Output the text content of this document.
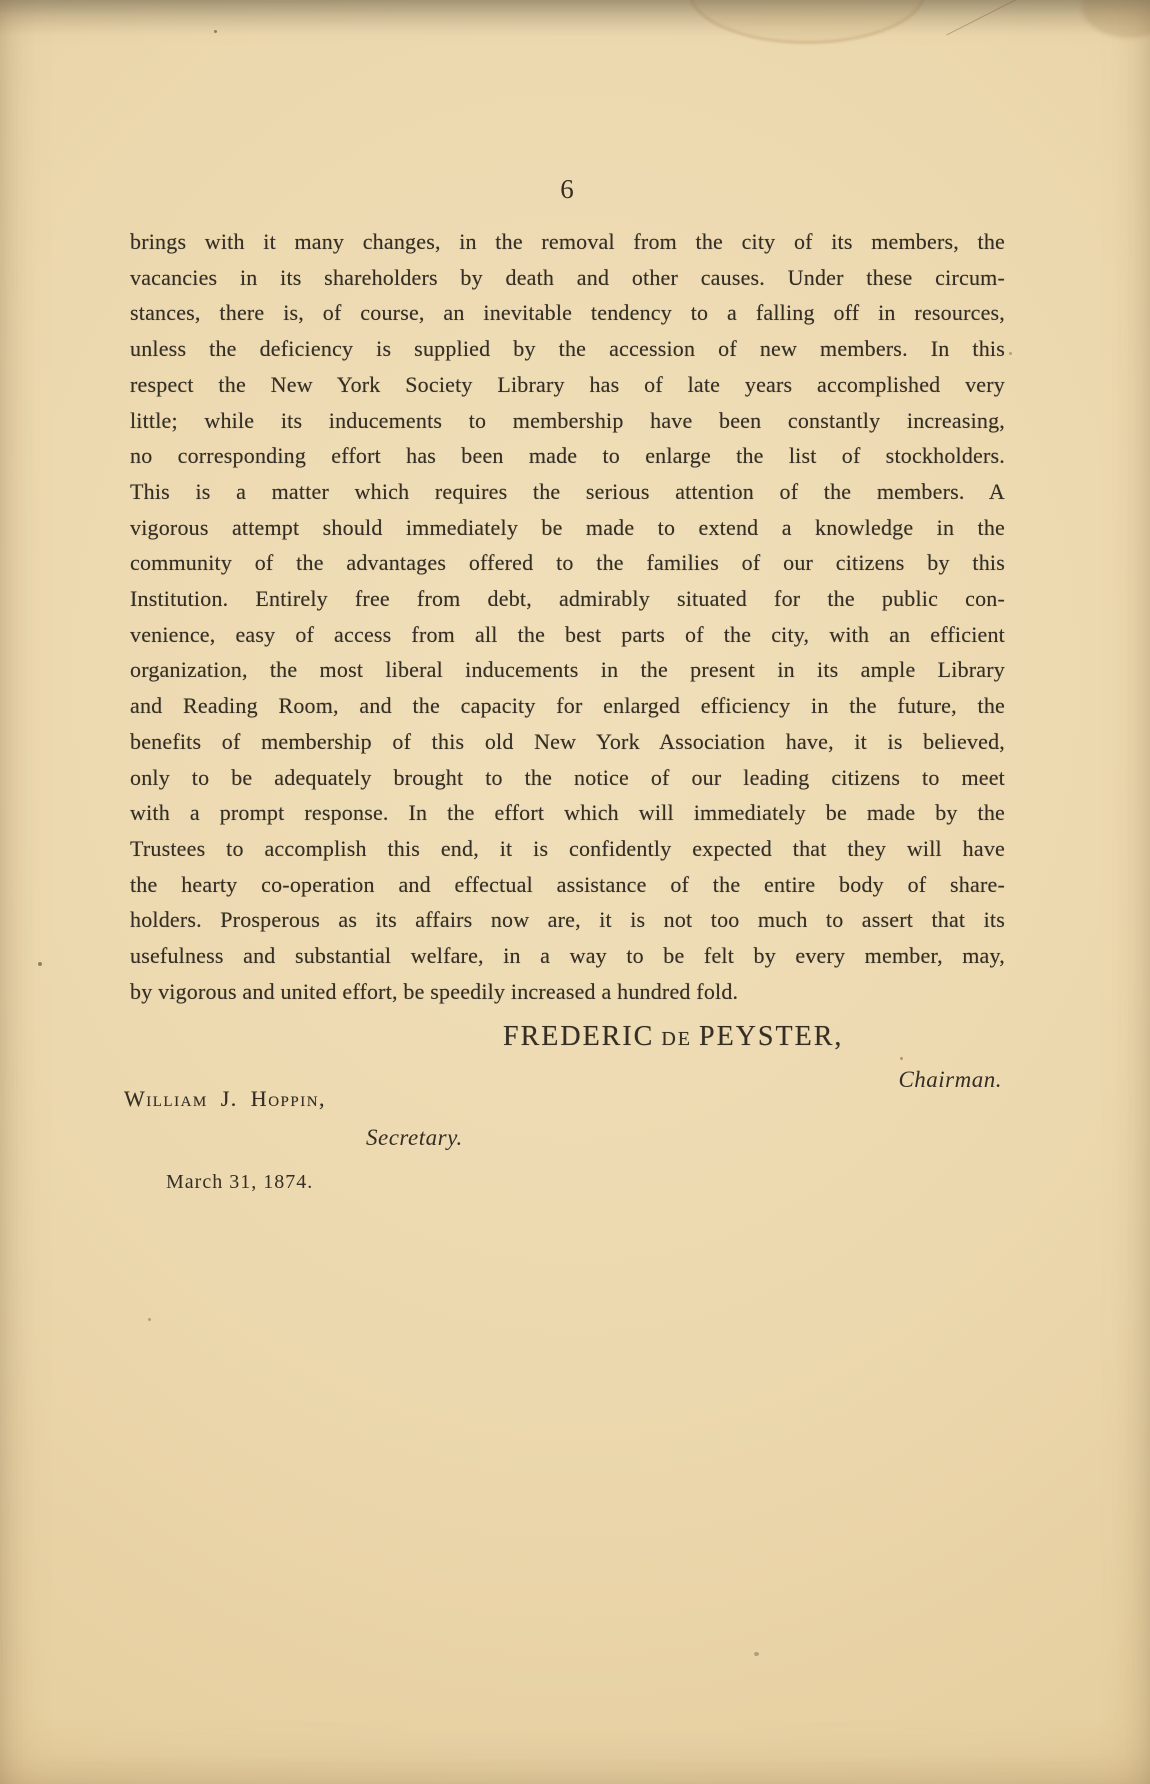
6
brings with it many changes, in the removal from the city of its members, the
vacancies in its shareholders by death and other causes. Under these circum-
stances, there is, of course, an inevitable tendency to a falling off in resources,
unless the deficiency is supplied by the accession of new members. In this
respect the New York Society Library has of late years accomplished very
little; while its inducements to membership have been constantly increasing,
no corresponding effort has been made to enlarge the list of stockholders.
This is a matter which requires the serious attention of the members. A
vigorous attempt should immediately be made to extend a knowledge in the
community of the advantages offered to the families of our citizens by this
Institution. Entirely free from debt, admirably situated for the public con-
venience, easy of access from all the best parts of the city, with an efficient
organization, the most liberal inducements in the present in its ample Library
and Reading Room, and the capacity for enlarged efficiency in the future, the
benefits of membership of this old New York Association have, it is believed,
only to be adequately brought to the notice of our leading citizens to meet
with a prompt response. In the effort which will immediately be made by the
Trustees to accomplish this end, it is confidently expected that they will have
the hearty co-operation and effectual assistance of the entire body of share-
holders. Prosperous as its affairs now are, it is not too much to assert that its
usefulness and substantial welfare, in a way to be felt by every member, may,
by vigorous and united effort, be speedily increased a hundred fold.
FREDERIC de PEYSTER,
Chairman.
William J. Hoppin,
Secretary.
March 31, 1874.
